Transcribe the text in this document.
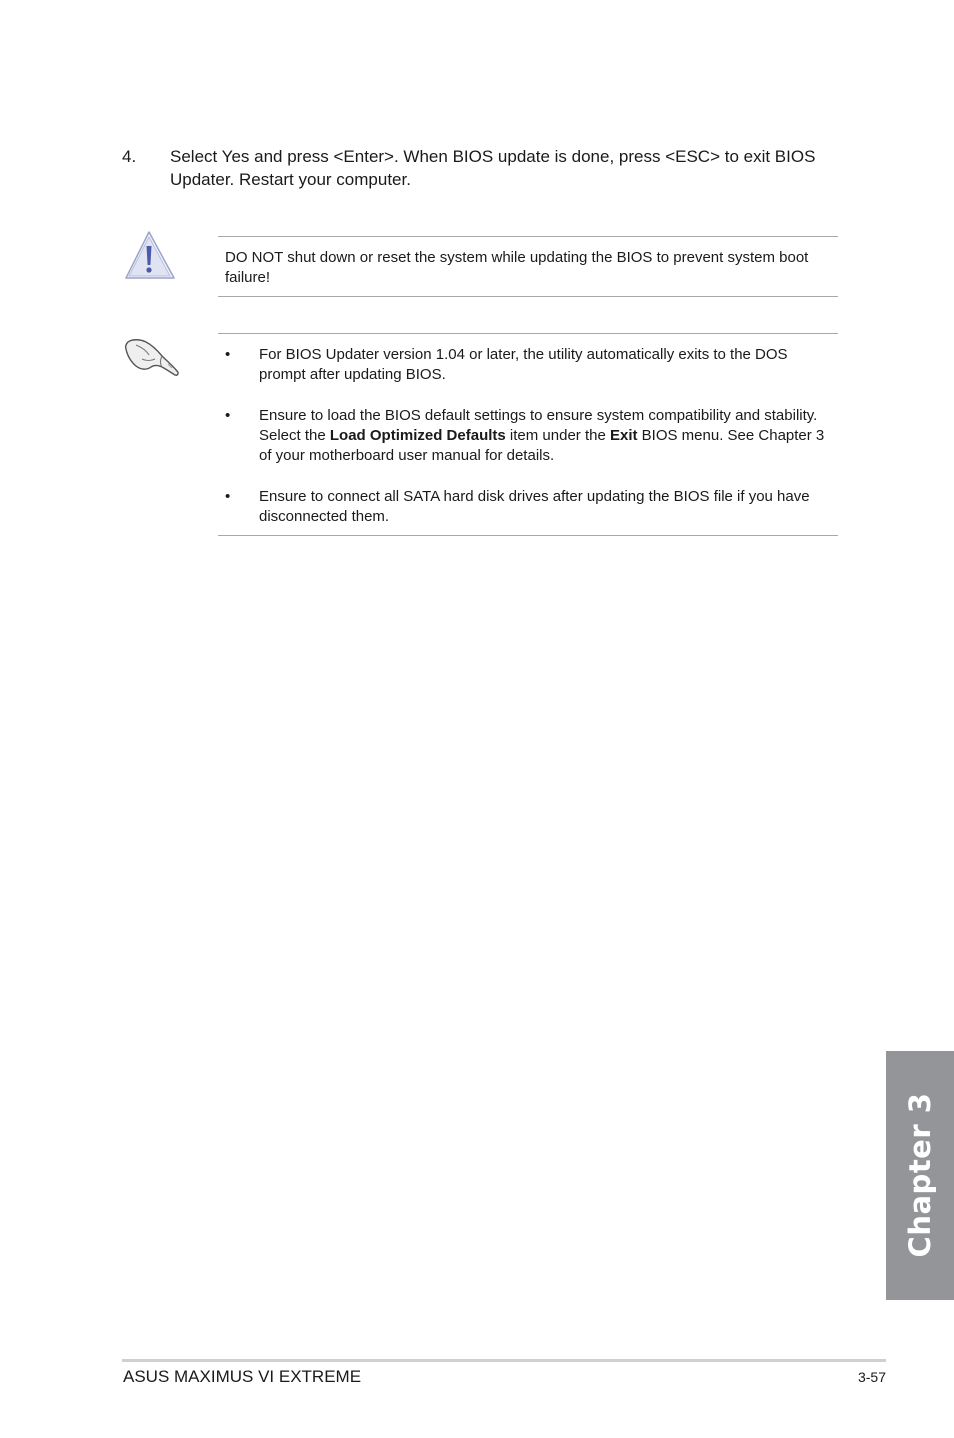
4. Select Yes and press <Enter>. When BIOS update is done, press <ESC> to exit BIOS Updater. Restart your computer.
DO NOT shut down or reset the system while updating the BIOS to prevent system boot failure!
• For BIOS Updater version 1.04 or later, the utility automatically exits to the DOS prompt after updating BIOS.
• Ensure to load the BIOS default settings to ensure system compatibility and stability. Select the Load Optimized Defaults item under the Exit BIOS menu. See Chapter 3 of your motherboard user manual for details.
• Ensure to connect all SATA hard disk drives after updating the BIOS file if you have disconnected them.
Chapter 3
ASUS MAXIMUS VI EXTREME	3-57
